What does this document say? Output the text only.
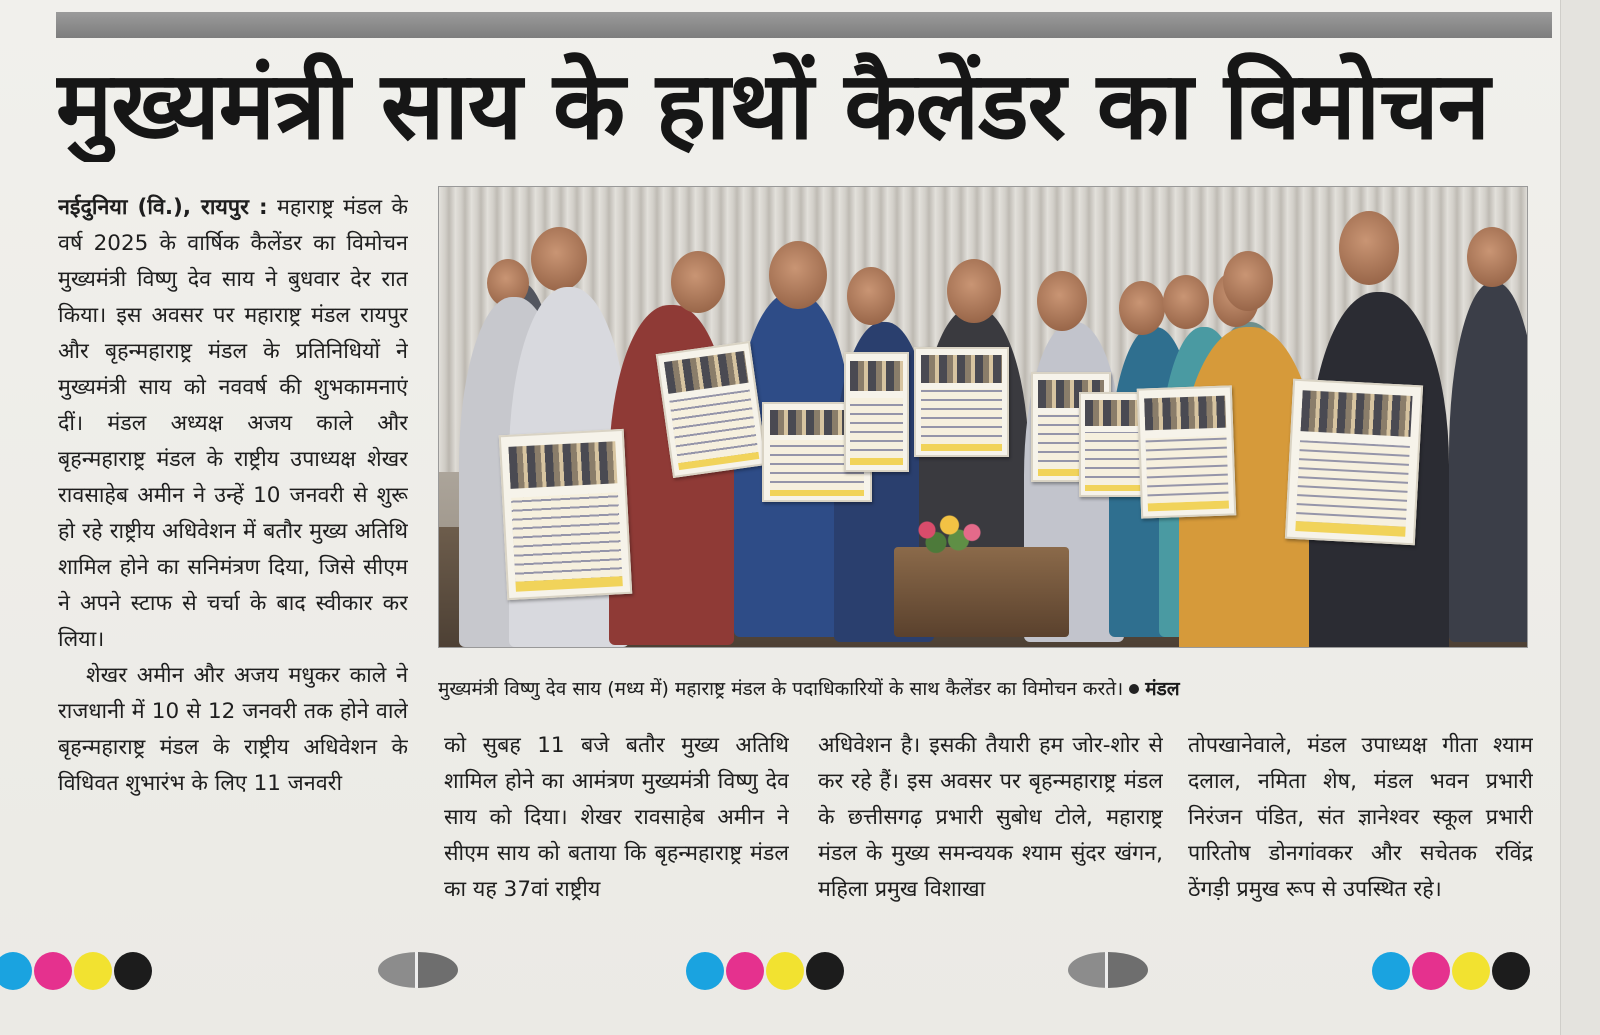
मुख्यमंत्री साय के हाथों कैलेंडर का विमोचन

नईदुनिया (वि.), रायपुर : महाराष्ट्र मंडल के वर्ष 2025 के वार्षिक कैलेंडर का विमोचन मुख्यमंत्री विष्णु देव साय ने बुधवार देर रात किया। इस अवसर पर महाराष्ट्र मंडल रायपुर और बृहन्महाराष्ट्र मंडल के प्रतिनिधियों ने मुख्यमंत्री साय को नववर्ष की शुभकामनाएं दीं। मंडल अध्यक्ष अजय काले और बृहन्महाराष्ट्र मंडल के राष्ट्रीय उपाध्यक्ष शेखर रावसाहेब अमीन ने उन्हें 10 जनवरी से शुरू हो रहे राष्ट्रीय अधिवेशन में बतौर मुख्य अतिथि शामिल होने का सनिमंत्रण दिया, जिसे सीएम ने अपने स्टाफ से चर्चा के बाद स्वीकार कर लिया।

शेखर अमीन और अजय मधुकर काले ने राजधानी में 10 से 12 जनवरी तक होने वाले बृहन्महाराष्ट्र मंडल के राष्ट्रीय अधिवेशन के विधिवत शुभारंभ के लिए 11 जनवरी

मुख्यमंत्री विष्णु देव साय (मध्य में) महाराष्ट्र मंडल के पदाधिकारियों के साथ कैलेंडर का विमोचन करते। मंडल

को सुबह 11 बजे बतौर मुख्य अतिथि शामिल होने का आमंत्रण मुख्यमंत्री विष्णु देव साय को दिया। शेखर रावसाहेब अमीन ने सीएम साय को बताया कि बृहन्महाराष्ट्र मंडल का यह 37वां राष्ट्रीय

अधिवेशन है। इसकी तैयारी हम जोर-शोर से कर रहे हैं। इस अवसर पर बृहन्महाराष्ट्र मंडल के छत्तीसगढ़ प्रभारी सुबोध टोले, महाराष्ट्र मंडल के मुख्य समन्वयक श्याम सुंदर खंगन, महिला प्रमुख विशाखा

तोपखानेवाले, मंडल उपाध्यक्ष गीता श्याम दलाल, नमिता शेष, मंडल भवन प्रभारी निरंजन पंडित, संत ज्ञानेश्वर स्कूल प्रभारी पारितोष डोनगांवकर और सचेतक रविंद्र ठेंगड़ी प्रमुख रूप से उपस्थित रहे।
